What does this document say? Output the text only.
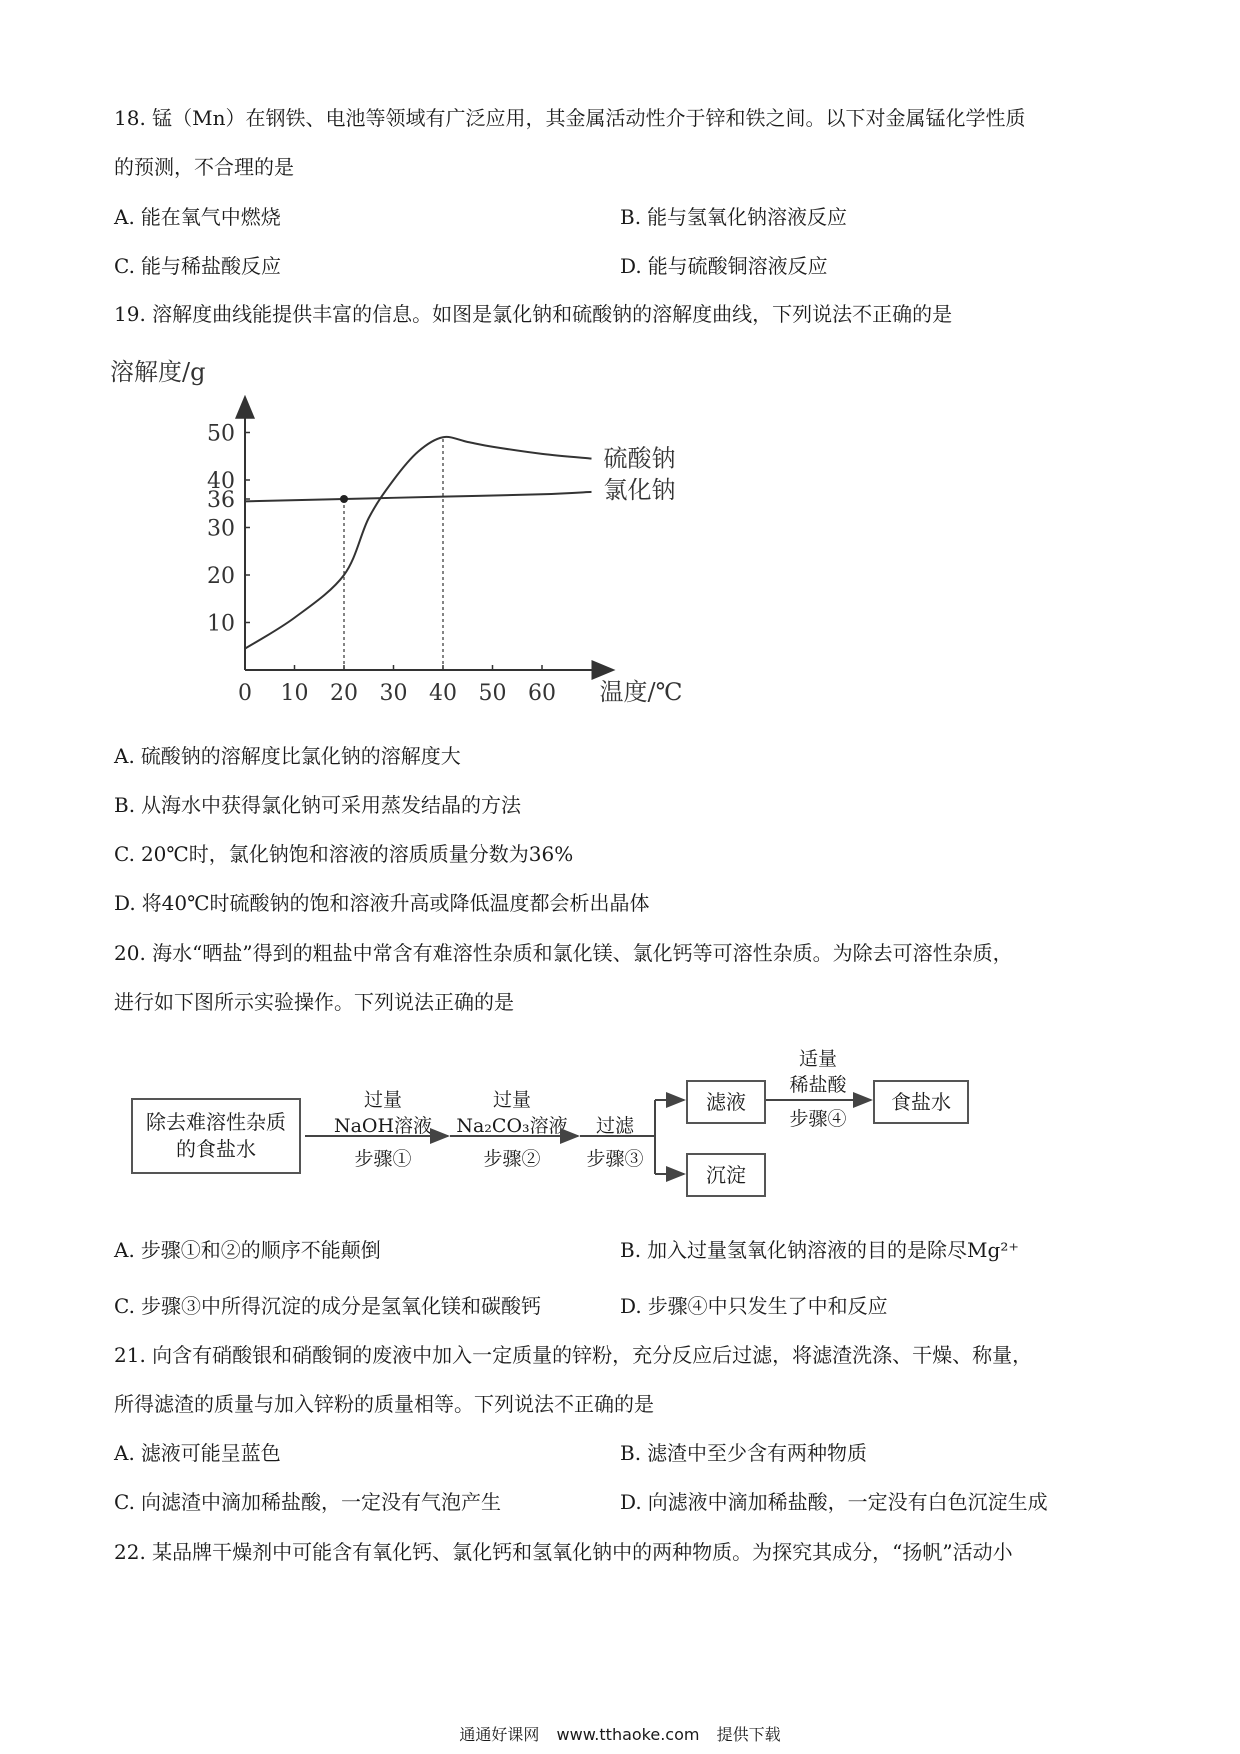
18. 锰（Mn）在钢铁、电池等领域有广泛应用，其金属活动性介于锌和铁之间。以下对金属锰化学性质
的预测，不合理的是
A. 能在氧气中燃烧	B. 能与氢氧化钠溶液反应
C. 能与稀盐酸反应	D. 能与硫酸铜溶液反应
19. 溶解度曲线能提供丰富的信息。如图是氯化钠和硫酸钠的溶解度曲线，下列说法不正确的是
溶解度/g
0 10 20 30 40 50 60 温度/℃
10
20
30
36
40
50
硫酸钠
氯化钠
A. 硫酸钠的溶解度比氯化钠的溶解度大
B. 从海水中获得氯化钠可采用蒸发结晶的方法
C. 20℃时，氯化钠饱和溶液的溶质质量分数为36%
D. 将40℃时硫酸钠的饱和溶液升高或降低温度都会析出晶体
20. 海水“晒盐”得到的粗盐中常含有难溶性杂质和氯化镁、氯化钙等可溶性杂质。为除去可溶性杂质，
进行如下图所示实验操作。下列说法正确的是
除去难溶性杂质的食盐水
过量
NaOH溶液
步骤①
过量
Na₂CO₃溶液
步骤②
过滤
步骤③
滤液
沉淀
适量
稀盐酸
步骤④
食盐水
A. 步骤①和②的顺序不能颠倒	B. 加入过量氢氧化钠溶液的目的是除尽Mg²⁺
C. 步骤③中所得沉淀的成分是氢氧化镁和碳酸钙	D. 步骤④中只发生了中和反应
21. 向含有硝酸银和硝酸铜的废液中加入一定质量的锌粉，充分反应后过滤，将滤渣洗涤、干燥、称量，
所得滤渣的质量与加入锌粉的质量相等。下列说法不正确的是
A. 滤液可能呈蓝色	B. 滤渣中至少含有两种物质
C. 向滤渣中滴加稀盐酸，一定没有气泡产生	D. 向滤液中滴加稀盐酸，一定没有白色沉淀生成
22. 某品牌干燥剂中可能含有氧化钙、氯化钙和氢氧化钠中的两种物质。为探究其成分，“扬帆”活动小
通通好课网 www.tthaoke.com 提供下载
